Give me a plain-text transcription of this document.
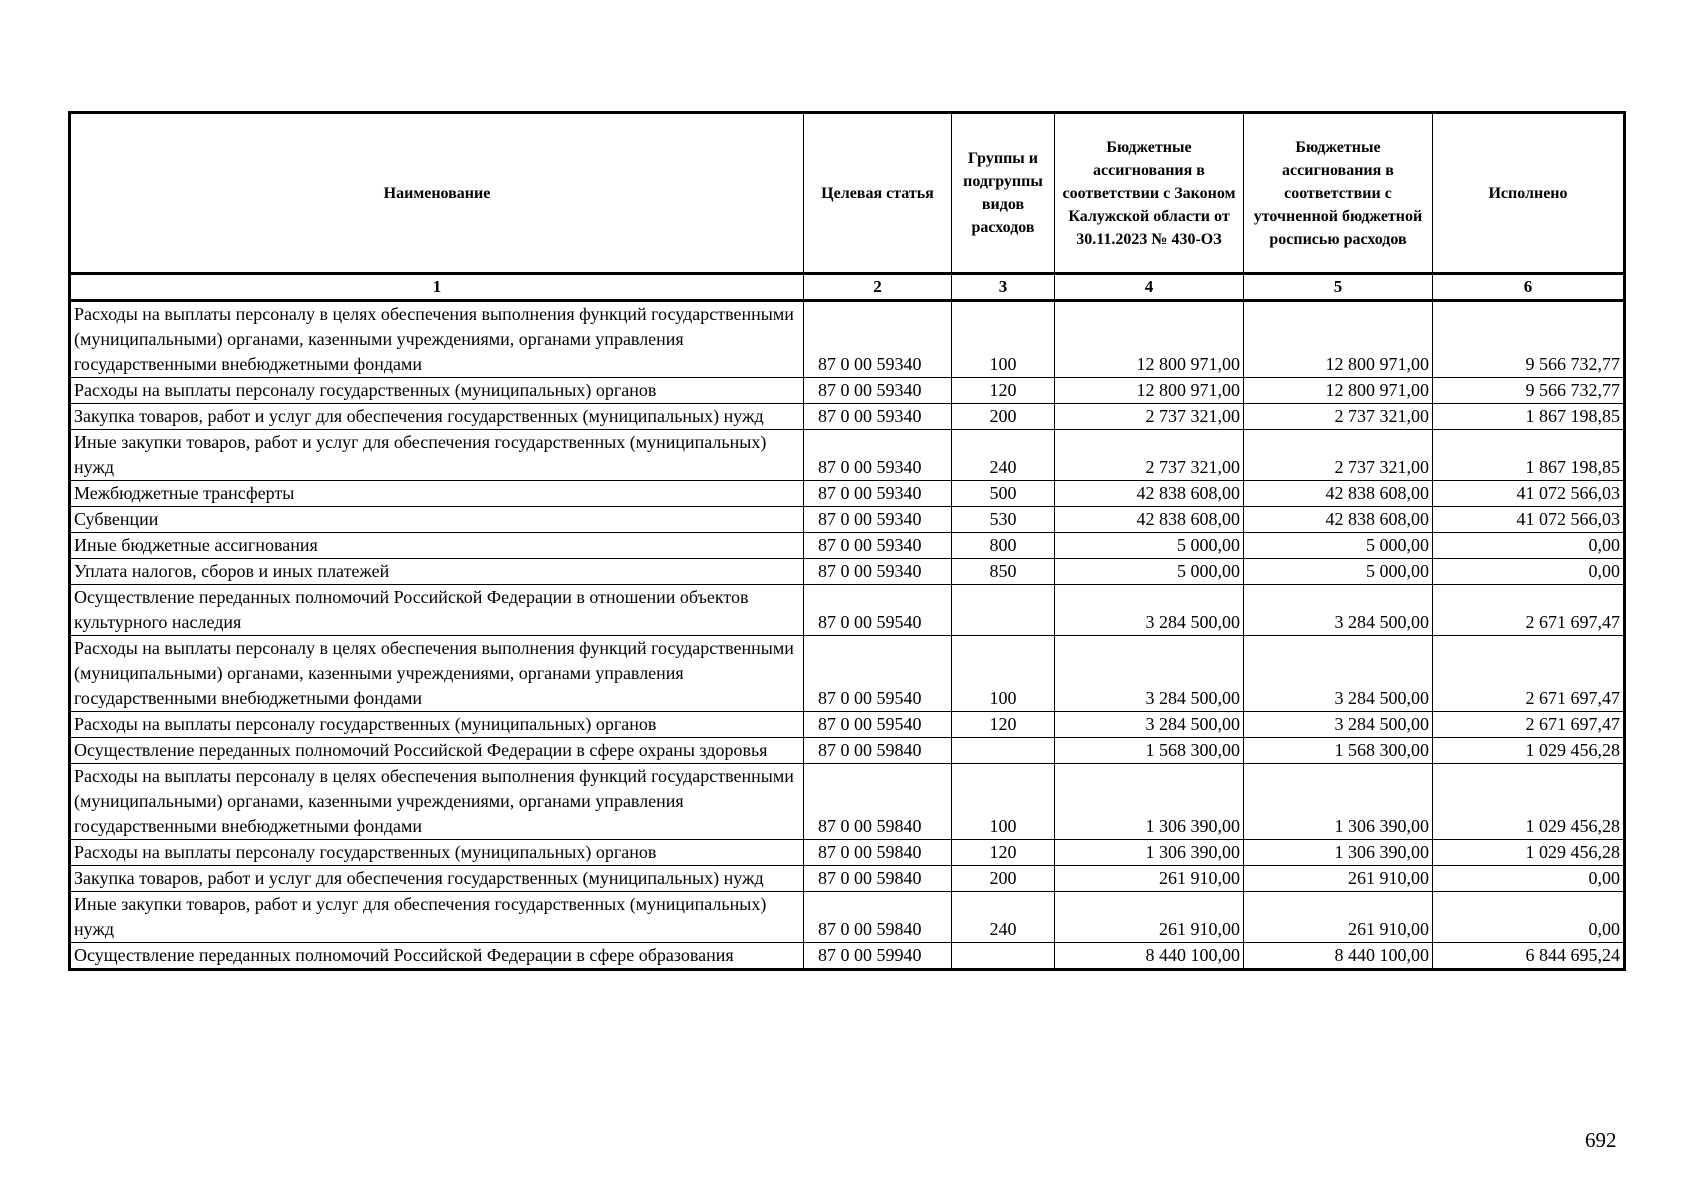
Наименование	Целевая статья	Группы и подгруппы видов расходов	Бюджетные ассигнования в соответствии с Законом Калужской области от 30.11.2023 № 430-ОЗ	Бюджетные ассигнования в соответствии с уточненной бюджетной росписью расходов	Исполнено
1	2	3	4	5	6
Расходы на выплаты персоналу в целях обеспечения выполнения функций государственными (муниципальными) органами, казенными учреждениями, органами управления государственными внебюджетными фондами	87 0 00 59340	100	12 800 971,00	12 800 971,00	9 566 732,77
Расходы на выплаты персоналу государственных (муниципальных) органов	87 0 00 59340	120	12 800 971,00	12 800 971,00	9 566 732,77
Закупка товаров, работ и услуг для обеспечения государственных (муниципальных) нужд	87 0 00 59340	200	2 737 321,00	2 737 321,00	1 867 198,85
Иные закупки товаров, работ и услуг для обеспечения государственных (муниципальных) нужд	87 0 00 59340	240	2 737 321,00	2 737 321,00	1 867 198,85
Межбюджетные трансферты	87 0 00 59340	500	42 838 608,00	42 838 608,00	41 072 566,03
Субвенции	87 0 00 59340	530	42 838 608,00	42 838 608,00	41 072 566,03
Иные бюджетные ассигнования	87 0 00 59340	800	5 000,00	5 000,00	0,00
Уплата налогов, сборов и иных платежей	87 0 00 59340	850	5 000,00	5 000,00	0,00
Осуществление переданных полномочий Российской Федерации в отношении объектов культурного наследия	87 0 00 59540		3 284 500,00	3 284 500,00	2 671 697,47
Расходы на выплаты персоналу в целях обеспечения выполнения функций государственными (муниципальными) органами, казенными учреждениями, органами управления государственными внебюджетными фондами	87 0 00 59540	100	3 284 500,00	3 284 500,00	2 671 697,47
Расходы на выплаты персоналу государственных (муниципальных) органов	87 0 00 59540	120	3 284 500,00	3 284 500,00	2 671 697,47
Осуществление переданных полномочий Российской Федерации в сфере охраны здоровья	87 0 00 59840		1 568 300,00	1 568 300,00	1 029 456,28
Расходы на выплаты персоналу в целях обеспечения выполнения функций государственными (муниципальными) органами, казенными учреждениями, органами управления государственными внебюджетными фондами	87 0 00 59840	100	1 306 390,00	1 306 390,00	1 029 456,28
Расходы на выплаты персоналу государственных (муниципальных) органов	87 0 00 59840	120	1 306 390,00	1 306 390,00	1 029 456,28
Закупка товаров, работ и услуг для обеспечения государственных (муниципальных) нужд	87 0 00 59840	200	261 910,00	261 910,00	0,00
Иные закупки товаров, работ и услуг для обеспечения государственных (муниципальных) нужд	87 0 00 59840	240	261 910,00	261 910,00	0,00
Осуществление переданных полномочий Российской Федерации в сфере образования	87 0 00 59940		8 440 100,00	8 440 100,00	6 844 695,24
692
